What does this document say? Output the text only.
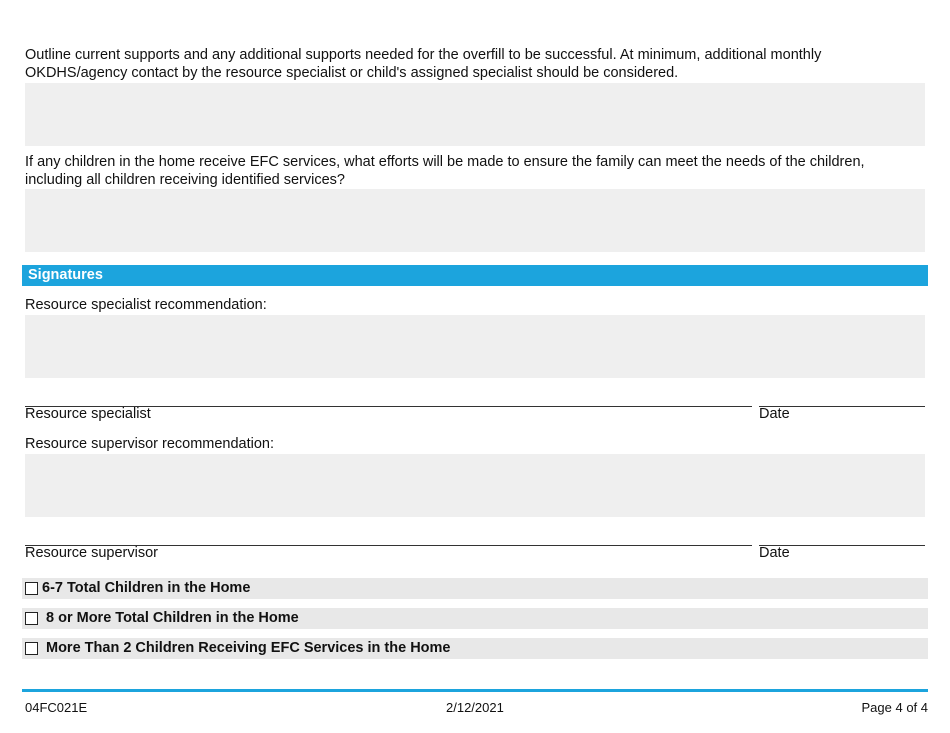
Outline current supports and any additional supports needed for the overfill to be successful. At minimum, additional monthly OKDHS/agency contact by the resource specialist or child's assigned specialist should be considered.
If any children in the home receive EFC services, what efforts will be made to ensure the family can meet the needs of the children, including all children receiving identified services?
Signatures
Resource specialist recommendation:
Resource specialist	Date
Resource supervisor recommendation:
Resource supervisor	Date
6-7 Total Children in the Home
8 or More Total Children in the Home
More Than 2 Children Receiving EFC Services in the Home
04FC021E	2/12/2021	Page 4 of 4
